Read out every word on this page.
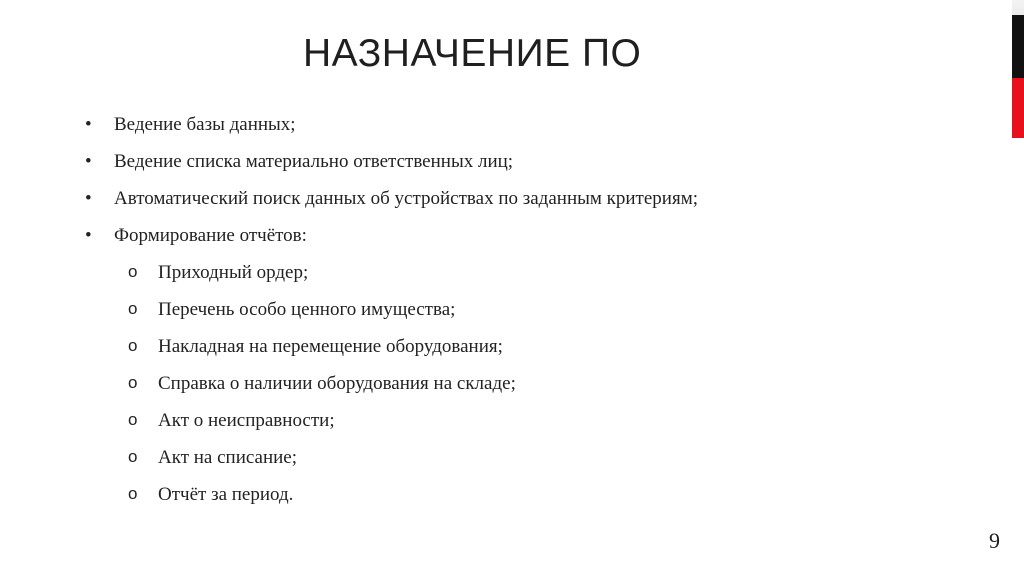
НАЗНАЧЕНИЕ ПО
• Ведение базы данных;
• Ведение списка материально ответственных лиц;
• Автоматический поиск данных об устройствах по заданным критериям;
• Формирование отчётов:
o Приходный ордер;
o Перечень особо ценного имущества;
o Накладная на перемещение оборудования;
o Справка о наличии оборудования на складе;
o Акт о неисправности;
o Акт на списание;
o Отчёт за период.
9
